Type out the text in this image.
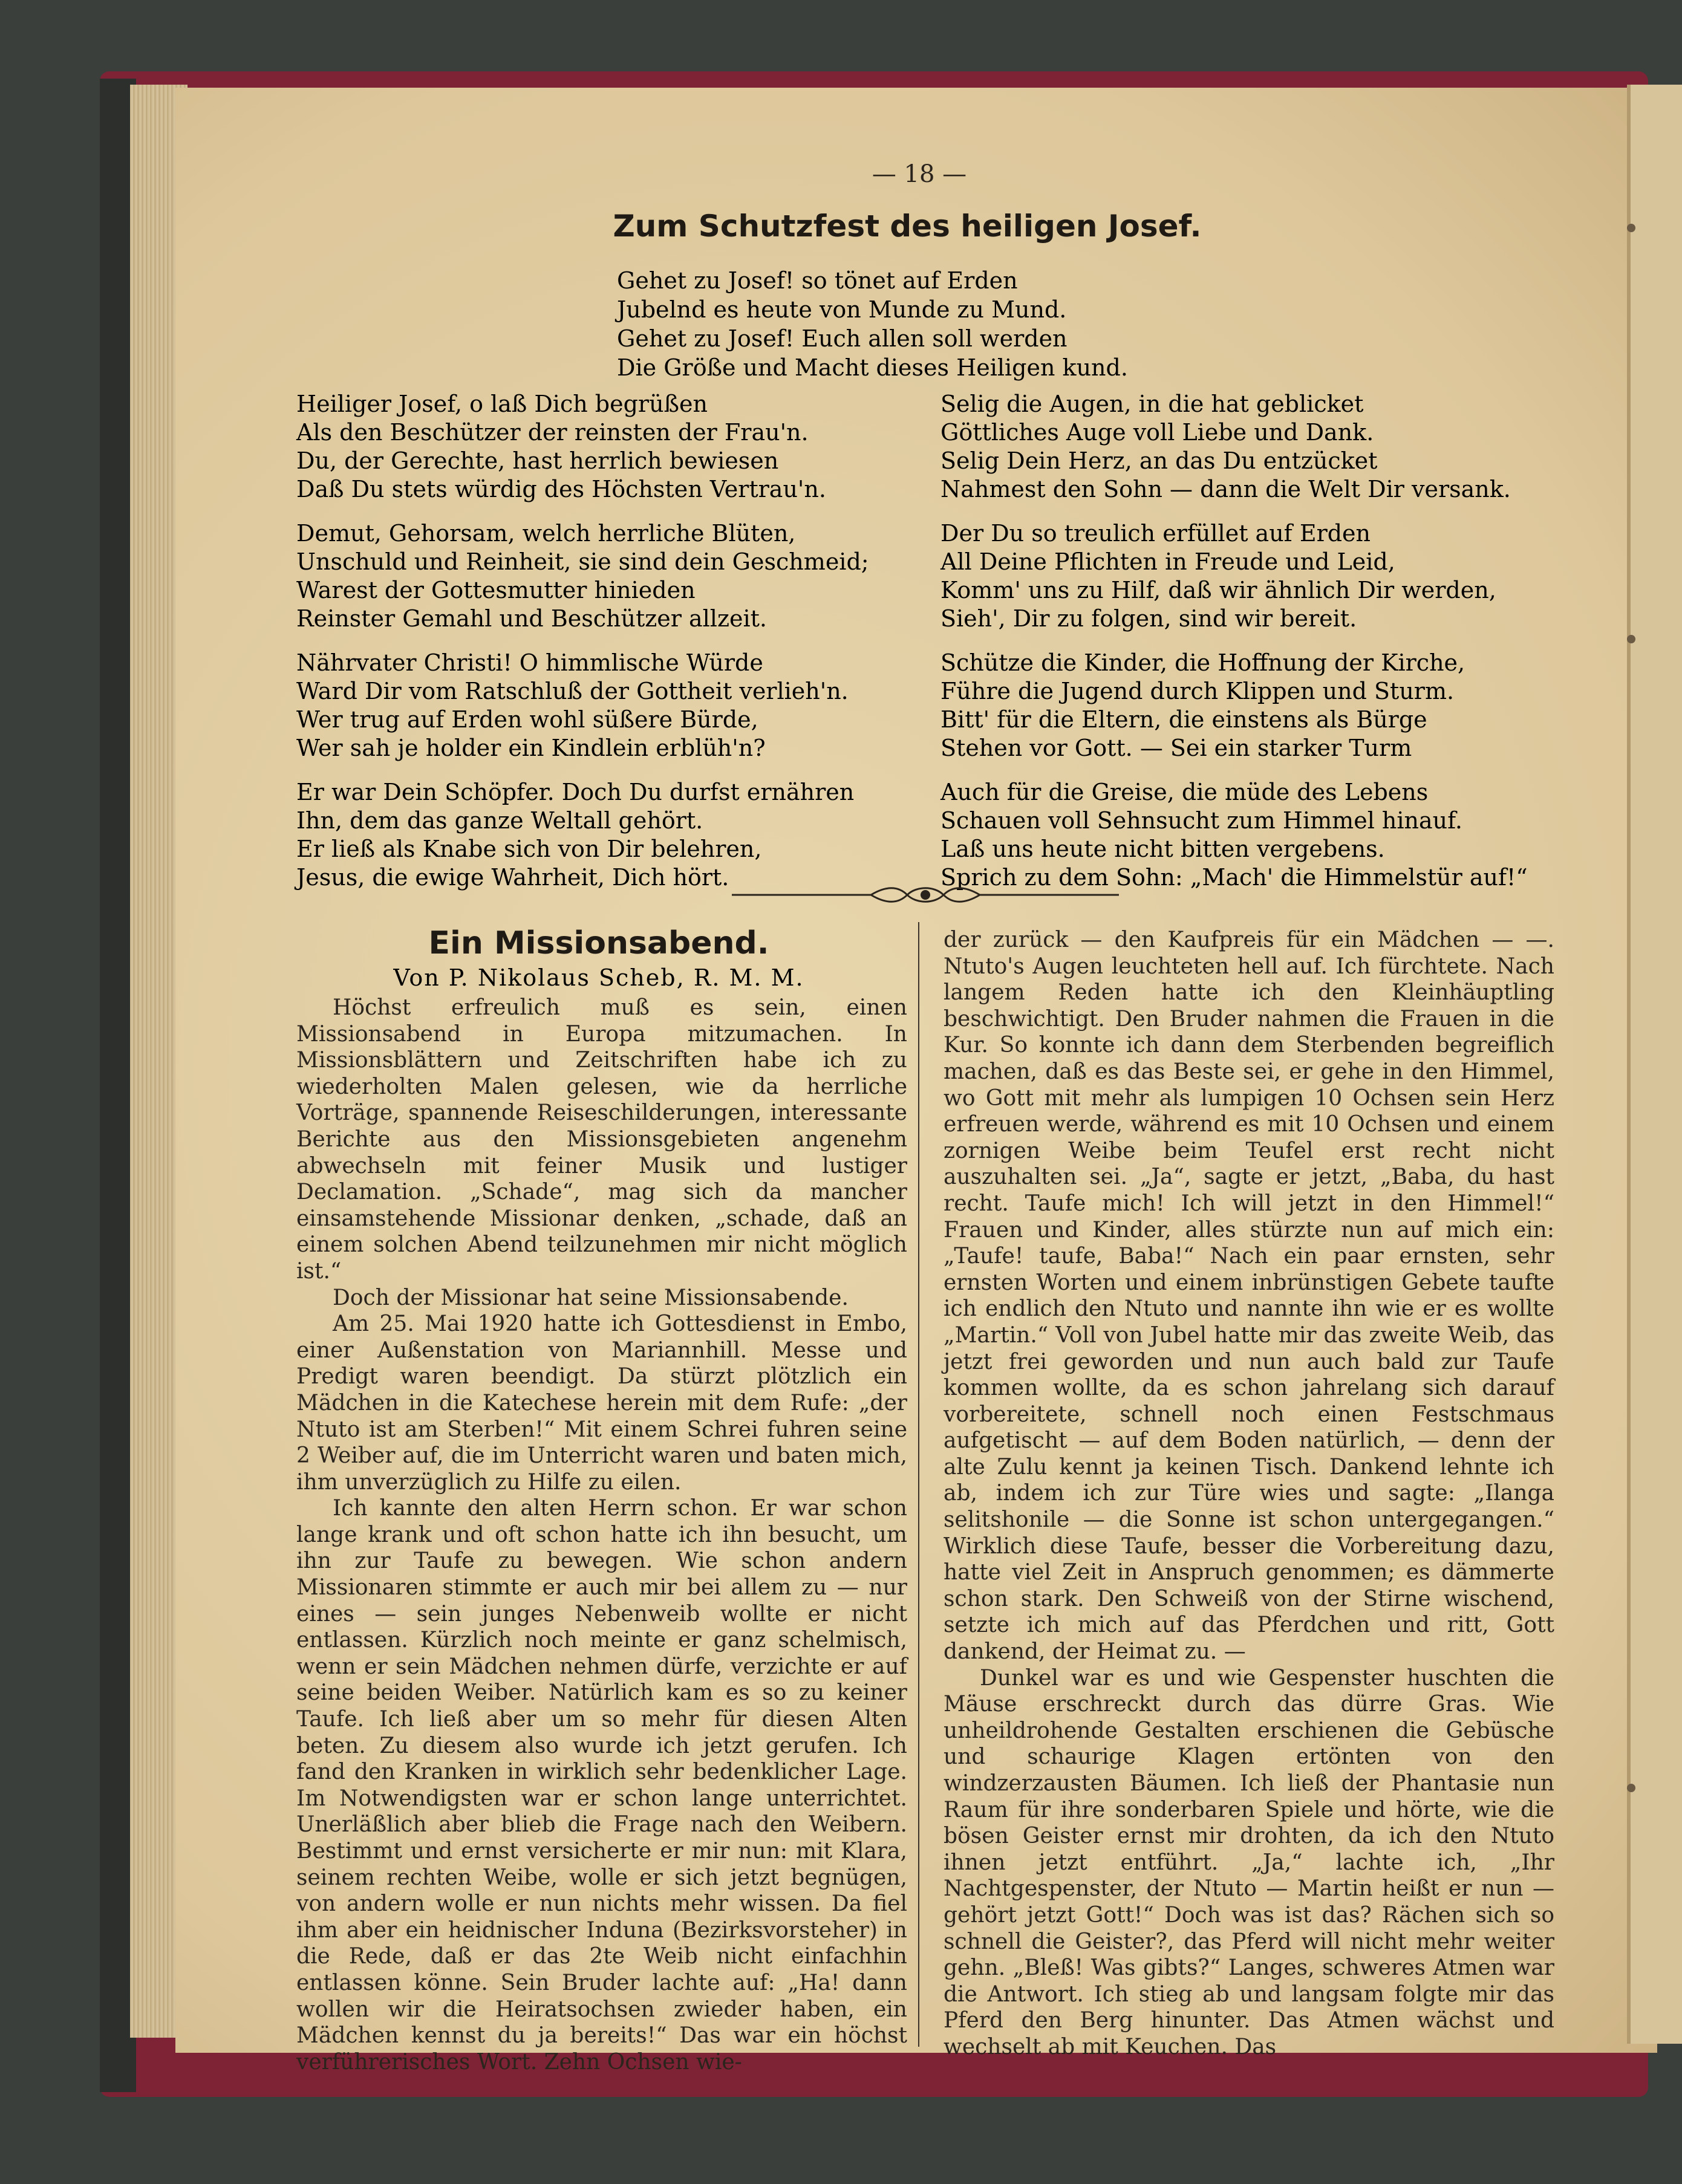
— 18 —
Zum Schutzfest des heiligen Josef.
Gehet zu Josef! so tönet auf Erden
Jubelnd es heute von Munde zu Mund.
Gehet zu Josef! Euch allen soll werden
Die Größe und Macht dieses Heiligen kund.
Heiliger Josef, o laß Dich begrüßen
Als den Beschützer der reinsten der Frau'n.
Du, der Gerechte, hast herrlich bewiesen
Daß Du stets würdig des Höchsten Vertrau'n.
Demut, Gehorsam, welch herrliche Blüten,
Unschuld und Reinheit, sie sind dein Geschmeid;
Warest der Gottesmutter hinieden
Reinster Gemahl und Beschützer allzeit.
Nährvater Christi! O himmlische Würde
Ward Dir vom Ratschluß der Gottheit verlieh'n.
Wer trug auf Erden wohl süßere Bürde,
Wer sah je holder ein Kindlein erblüh'n?
Er war Dein Schöpfer. Doch Du durfst ernähren
Ihn, dem das ganze Weltall gehört.
Er ließ als Knabe sich von Dir belehren,
Jesus, die ewige Wahrheit, Dich hört.
Selig die Augen, in die hat geblicket
Göttliches Auge voll Liebe und Dank.
Selig Dein Herz, an das Du entzücket
Nahmest den Sohn — dann die Welt Dir versank.
Der Du so treulich erfüllet auf Erden
All Deine Pflichten in Freude und Leid,
Komm' uns zu Hilf, daß wir ähnlich Dir werden,
Sieh', Dir zu folgen, sind wir bereit.
Schütze die Kinder, die Hoffnung der Kirche,
Führe die Jugend durch Klippen und Sturm.
Bitt' für die Eltern, die einstens als Bürge
Stehen vor Gott. — Sei ein starker Turm
Auch für die Greise, die müde des Lebens
Schauen voll Sehnsucht zum Himmel hinauf.
Laß uns heute nicht bitten vergebens.
Sprich zu dem Sohn: „Mach' die Himmelstür auf!“
Ein Missionsabend.
Von P. Nikolaus Scheb, R. M. M.

Höchst erfreulich muß es sein, einen Missionsabend in Europa mitzumachen. In Missionsblättern und Zeitschriften habe ich zu wiederholten Malen gelesen, wie da herrliche Vorträge, spannende Reiseschilderungen, interessante Berichte aus den Missionsgebieten angenehm abwechseln mit feiner Musik und lustiger Declamation. „Schade“, mag sich da mancher einsamstehende Missionar denken, „schade, daß an einem solchen Abend teilzunehmen mir nicht möglich ist.“

Doch der Missionar hat seine Missionsabende.

Am 25. Mai 1920 hatte ich Gottesdienst in Embo, einer Außenstation von Mariannhill. Messe und Predigt waren beendigt. Da stürzt plötzlich ein Mädchen in die Katechese herein mit dem Rufe: „der Ntuto ist am Sterben!“ Mit einem Schrei fuhren seine 2 Weiber auf, die im Unterricht waren und baten mich, ihm unverzüglich zu Hilfe zu eilen.

Ich kannte den alten Herrn schon. Er war schon lange krank und oft schon hatte ich ihn besucht, um ihn zur Taufe zu bewegen. Wie schon andern Missionaren stimmte er auch mir bei allem zu — nur eines — sein junges Nebenweib wollte er nicht entlassen. Kürzlich noch meinte er ganz schelmisch, wenn er sein Mädchen nehmen dürfe, verzichte er auf seine beiden Weiber. Natürlich kam es so zu keiner Taufe. Ich ließ aber um so mehr für diesen Alten beten. Zu diesem also wurde ich jetzt gerufen. Ich fand den Kranken in wirklich sehr bedenklicher Lage. Im Notwendigsten war er schon lange unterrichtet. Unerläßlich aber blieb die Frage nach den Weibern. Bestimmt und ernst versicherte er mir nun: mit Klara, seinem rechten Weibe, wolle er sich jetzt begnügen, von andern wolle er nun nichts mehr wissen. Da fiel ihm aber ein heidnischer Induna (Bezirksvorsteher) in die Rede, daß er das 2te Weib nicht einfachhin entlassen könne. Sein Bruder lachte auf: „Ha! dann wollen wir die Heiratsochsen zwieder haben, ein Mädchen kennst du ja bereits!“ Das war ein höchst verführerisches Wort. Zehn Ochsen wie-

der zurück — den Kaufpreis für ein Mädchen — —. Ntuto's Augen leuchteten hell auf. Ich fürchtete. Nach langem Reden hatte ich den Kleinhäuptling beschwichtigt. Den Bruder nahmen die Frauen in die Kur. So konnte ich dann dem Sterbenden begreiflich machen, daß es das Beste sei, er gehe in den Himmel, wo Gott mit mehr als lumpigen 10 Ochsen sein Herz erfreuen werde, während es mit 10 Ochsen und einem zornigen Weibe beim Teufel erst recht nicht auszuhalten sei. „Ja“, sagte er jetzt, „Baba, du hast recht. Taufe mich! Ich will jetzt in den Himmel!“ Frauen und Kinder, alles stürzte nun auf mich ein: „Taufe! taufe, Baba!“ Nach ein paar ernsten, sehr ernsten Worten und einem inbrünstigen Gebete taufte ich endlich den Ntuto und nannte ihn wie er es wollte „Martin.“ Voll von Jubel hatte mir das zweite Weib, das jetzt frei geworden und nun auch bald zur Taufe kommen wollte, da es schon jahrelang sich darauf vorbereitete, schnell noch einen Festschmaus aufgetischt — auf dem Boden natürlich, — denn der alte Zulu kennt ja keinen Tisch. Dankend lehnte ich ab, indem ich zur Türe wies und sagte: „Ilanga selitshonile — die Sonne ist schon untergegangen.“ Wirklich diese Taufe, besser die Vorbereitung dazu, hatte viel Zeit in Anspruch genommen; es dämmerte schon stark. Den Schweiß von der Stirne wischend, setzte ich mich auf das Pferdchen und ritt, Gott dankend, der Heimat zu. —

Dunkel war es und wie Gespenster huschten die Mäuse erschreckt durch das dürre Gras. Wie unheildrohende Gestalten erschienen die Gebüsche und schaurige Klagen ertönten von den windzerzausten Bäumen. Ich ließ der Phantasie nun Raum für ihre sonderbaren Spiele und hörte, wie die bösen Geister ernst mir drohten, da ich den Ntuto ihnen jetzt entführt. „Ja,“ lachte ich, „Ihr Nachtgespenster, der Ntuto — Martin heißt er nun — gehört jetzt Gott!“ Doch was ist das? Rächen sich so schnell die Geister?, das Pferd will nicht mehr weiter gehn. „Bleß! Was gibts?“ Langes, schweres Atmen war die Antwort. Ich stieg ab und langsam folgte mir das Pferd den Berg hinunter. Das Atmen wächst und wechselt ab mit Keuchen. Das
